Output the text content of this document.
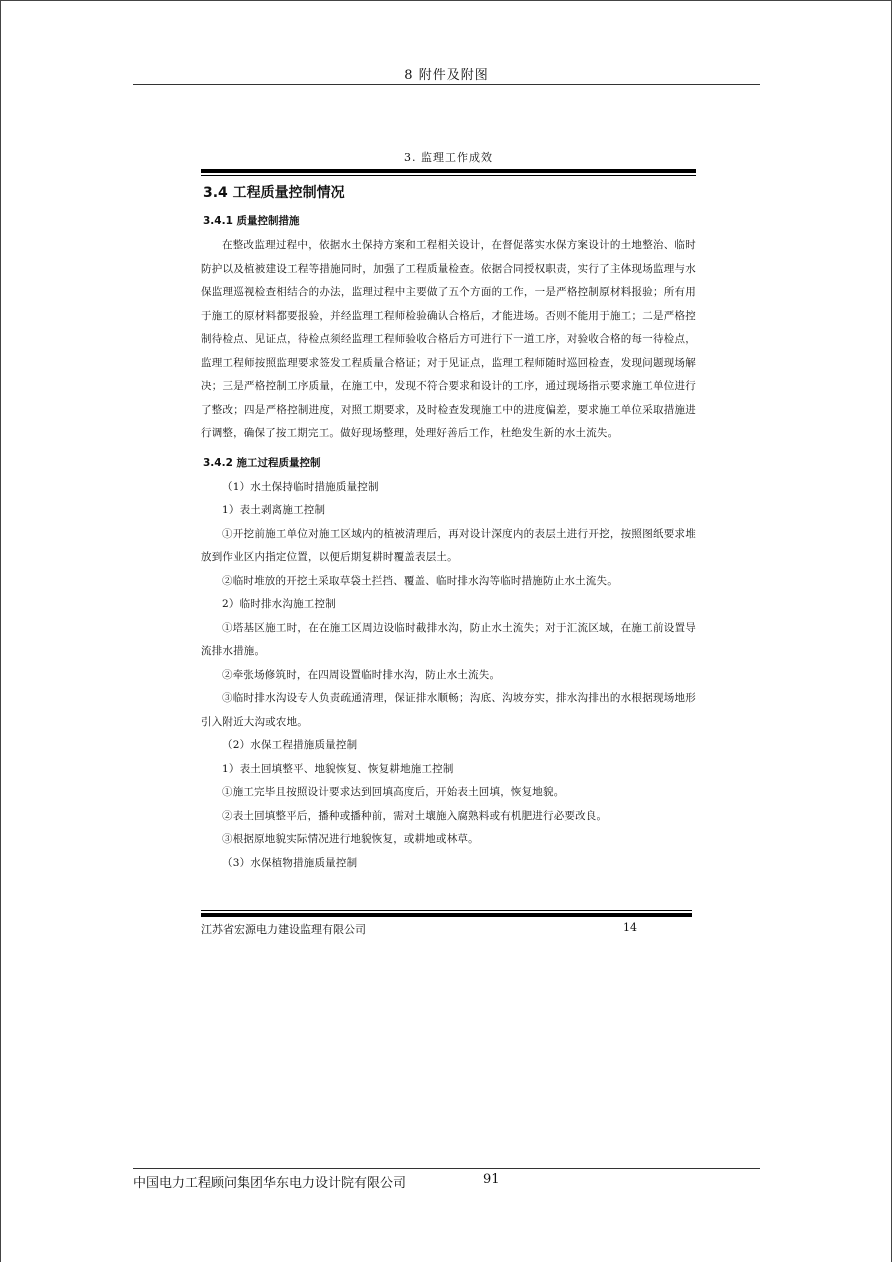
8 附件及附图
3. 监理工作成效
3.4 工程质量控制情况
3.4.1 质量控制措施

在整改监理过程中，依据水土保持方案和工程相关设计，在督促落实水保方案设计的土地整治、临时防护以及植被建设工程等措施同时，加强了工程质量检查。依据合同授权职责，实行了主体现场监理与水保监理巡视检查相结合的办法，监理过程中主要做了五个方面的工作，一是严格控制原材料报验；所有用于施工的原材料都要报验，并经监理工程师检验确认合格后，才能进场。否则不能用于施工；二是严格控制待检点、见证点，待检点须经监理工程师验收合格后方可进行下一道工序，对验收合格的每一待检点，监理工程师按照监理要求签发工程质量合格证；对于见证点，监理工程师随时巡回检查，发现问题现场解决；三是严格控制工序质量，在施工中，发现不符合要求和设计的工序，通过现场指示要求施工单位进行了整改；四是严格控制进度，对照工期要求，及时检查发现施工中的进度偏差，要求施工单位采取措施进行调整，确保了按工期完工。做好现场整理，处理好善后工作，杜绝发生新的水土流失。

3.4.2 施工过程质量控制

（1）水土保持临时措施质量控制

1）表土剥离施工控制

①开挖前施工单位对施工区域内的植被清理后，再对设计深度内的表层土进行开挖，按照图纸要求堆放到作业区内指定位置，以便后期复耕时覆盖表层土。

②临时堆放的开挖土采取草袋土拦挡、覆盖、临时排水沟等临时措施防止水土流失。

2）临时排水沟施工控制

①塔基区施工时，在在施工区周边设临时截排水沟，防止水土流失；对于汇流区域，在施工前设置导流排水措施。

②牵张场修筑时，在四周设置临时排水沟，防止水土流失。

③临时排水沟设专人负责疏通清理，保证排水顺畅；沟底、沟坡夯实，排水沟排出的水根据现场地形引入附近大沟或农地。

（2）水保工程措施质量控制

1）表土回填整平、地貌恢复、恢复耕地施工控制

①施工完毕且按照设计要求达到回填高度后，开始表土回填，恢复地貌。

②表土回填整平后，播种或播种前，需对土壤施入腐熟料或有机肥进行必要改良。

③根据原地貌实际情况进行地貌恢复，或耕地或林草。

（3）水保植物措施质量控制

江苏省宏源电力建设监理有限公司	14
中国电力工程顾问集团华东电力设计院有限公司	91
